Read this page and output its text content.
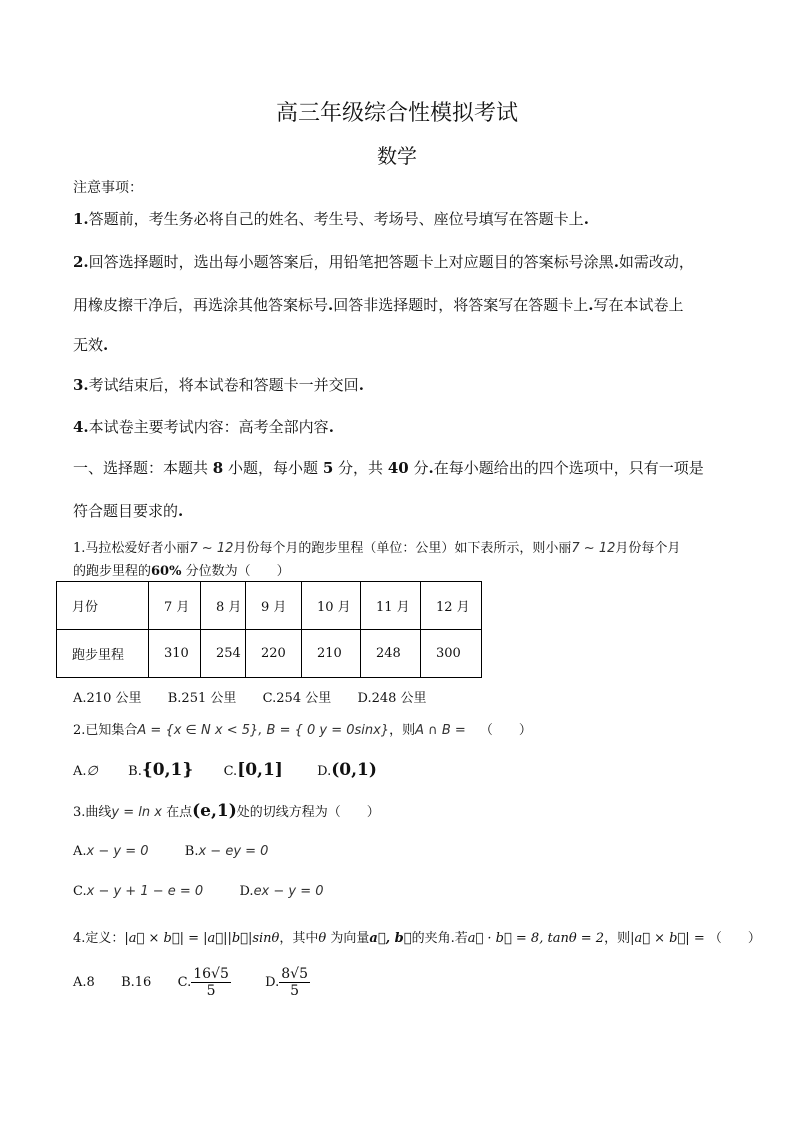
高三年级综合性模拟考试
数学
注意事项：
1.答题前，考生务必将自己的姓名、考生号、考场号、座位号填写在答题卡上.
2.回答选择题时，选出每小题答案后，用铅笔把答题卡上对应题目的答案标号涂黑.如需改动，
用橡皮擦干净后，再选涂其他答案标号.回答非选择题时，将答案写在答题卡上.写在本试卷上
无效.
3.考试结束后，将本试卷和答题卡一并交回.
4.本试卷主要考试内容：高考全部内容.
一、选择题：本题共 8 小题，每小题 5 分，共 40 分.在每小题给出的四个选项中，只有一项是
符合题目要求的.
1.马拉松爱好者小丽7 ~ 12月份每个月的跑步里程（单位：公里）如下表所示，则小丽7 ~ 12月份每个月
的跑步里程的60% 分位数为（　　）
月份	7 月	8 月	9 月	10 月	11 月	12 月
跑步里程	310	254	220	210	248	300
A.210 公里 B.251 公里 C.254 公里 D.248 公里
2.已知集合A = {x ∈ N x < 5}, B = { 0 y = 0sinx}，则A ∩ B = （　　）
A.∅ B.{0,1} C.[0,1]	D.(0,1)
3.曲线y = ln x 在点(e,1)处的切线方程为（　　）
A.x − y = 0	B.x − ey = 0
C.x − y + 1 − e = 0	D.ex − y = 0
4.定义：|a⃗ × b⃗| = |a⃗||b⃗|sinθ，其中θ 为向量a⃗, b⃗的夹角.若a⃗ · b⃗ = 8, tanθ = 2，则|a⃗ × b⃗| = （　　）
A.8 B.16 C. $\frac{16√5}{5}$	D. $\frac{8√5}{5}$
